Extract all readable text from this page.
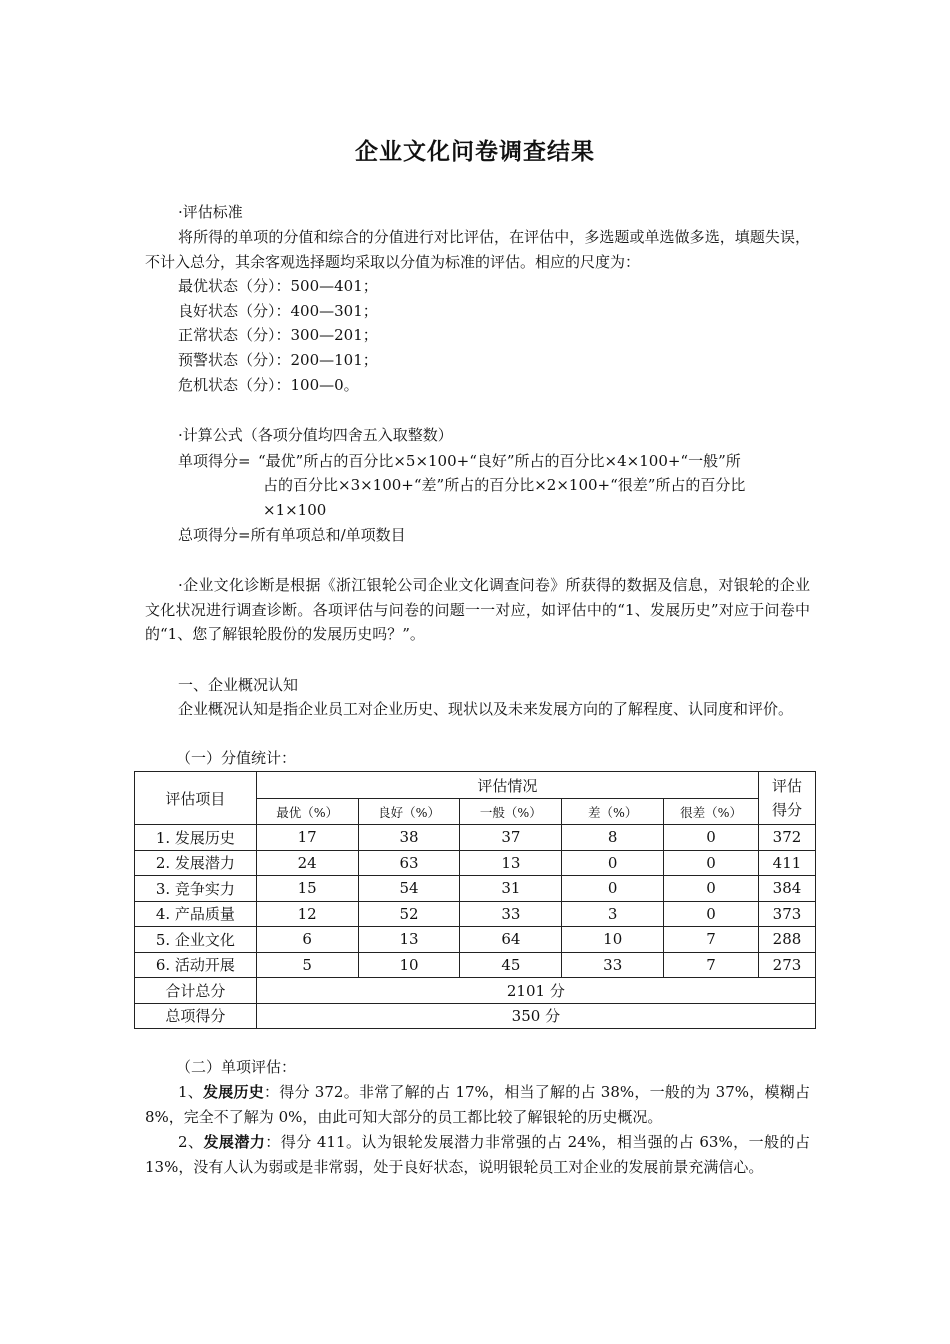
企业文化问卷调查结果
·评估标准
将所得的单项的分值和综合的分值进行对比评估，在评估中，多选题或单选做多选，填题失误，不计入总分，其余客观选择题均采取以分值为标准的评估。相应的尺度为：
最优状态（分）：500—401；
良好状态（分）：400—301；
正常状态（分）：300—201；
预警状态（分）：200—101；
危机状态（分）：100—0。
·计算公式（各项分值均四舍五入取整数）
单项得分= “最优”所占的百分比×5×100+“良好”所占的百分比×4×100+“一般”所
占的百分比×3×100+“差”所占的百分比×2×100+“很差”所占的百分比
×1×100
总项得分=所有单项总和/单项数目
·企业文化诊断是根据《浙江银轮公司企业文化调查问卷》所获得的数据及信息，对银轮的企业文化状况进行调查诊断。各项评估与问卷的问题一一对应，如评估中的“1、发展历史”对应于问卷中的“1、您了解银轮股份的发展历史吗？”。
一、企业概况认知
企业概况认知是指企业员工对企业历史、现状以及未来发展方向的了解程度、认同度和评价。
（一）分值统计：
评估项目	评估情况					评估
得分
	最优（%）	良好（%）	一般（%）	差（%）	很差（%）	
1. 发展历史	17	38	37	8	0	372
2. 发展潜力	24	63	13	0	0	411
3. 竞争实力	15	54	31	0	0	384
4. 产品质量	12	52	33	3	0	373
5. 企业文化	6	13	64	10	7	288
6. 活动开展	5	10	45	33	7	273
合计总分	2101 分					
总项得分	350 分					
（二）单项评估：
1、发展历史：得分 372。非常了解的占 17%，相当了解的占 38%，一般的为 37%，模糊占 8%，完全不了解为 0%，由此可知大部分的员工都比较了解银轮的历史概况。
2、发展潜力：得分 411。认为银轮发展潜力非常强的占 24%，相当强的占 63%，一般的占 13%，没有人认为弱或是非常弱，处于良好状态，说明银轮员工对企业的发展前景充满信心。
